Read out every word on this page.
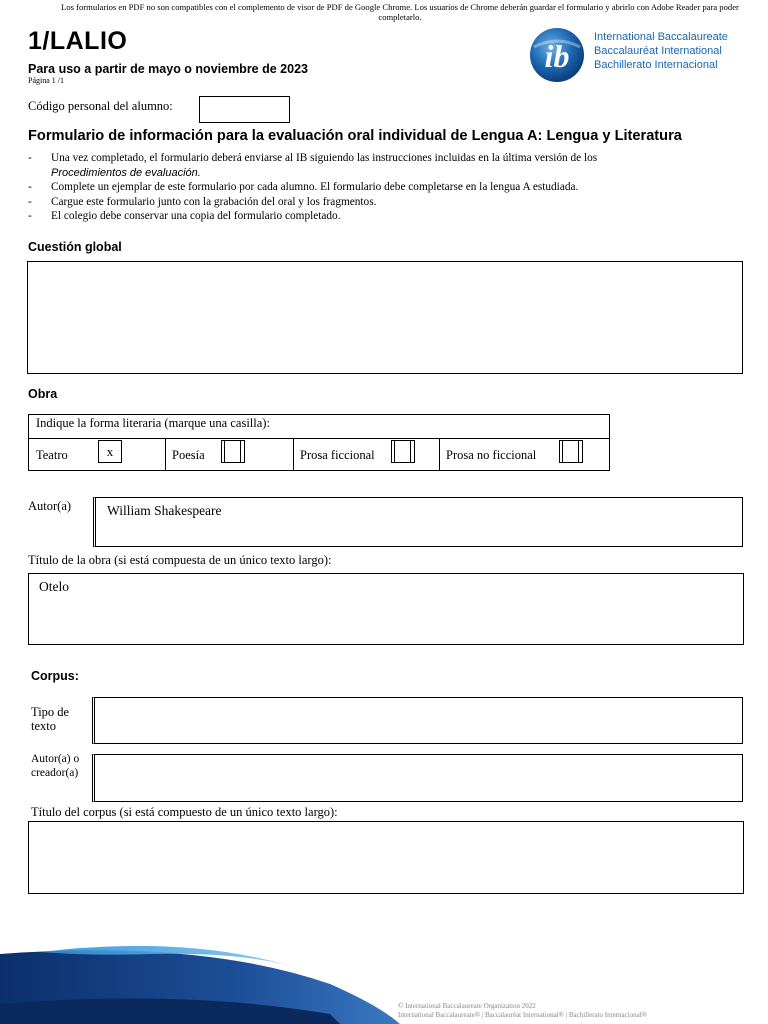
Los formularios en PDF no son compatibles con el complemento de visor de PDF de Google Chrome. Los usuarios de Chrome deberán guardar el formulario y abrirlo con Adobe Reader para poder completarlo.
1/LALIO
Para uso a partir de mayo o noviembre de 2023
Página 1 /1
ib
International Baccalaureate
Baccalauréat International
Bachillerato Internacional
Código personal del alumno:
Formulario de información para la evaluación oral individual de Lengua A: Lengua y Literatura
- Una vez completado, el formulario deberá enviarse al IB siguiendo las instrucciones incluidas en la última versión de los
Procedimientos de evaluación.
- Complete un ejemplar de este formulario por cada alumno. El formulario debe completarse en la lengua A estudiada.
- Cargue este formulario junto con la grabación del oral y los fragmentos.
- El colegio debe conservar una copia del formulario completado.
Cuestión global
Obra
Indique la forma literaria (marque una casilla):
Teatro	x	Poesía	Prosa ficcional	Prosa no ficcional
Autor(a)	William Shakespeare
Título de la obra (si está compuesta de un único texto largo):
Otelo
Corpus:
Tipo de
texto
Autor(a) o
creador(a)
Título del corpus (si está compuesto de un único texto largo):
© International Baccalaureate Organization 2022
International Baccalaureate® | Baccalauréat International® | Bachillerato Internacional®
